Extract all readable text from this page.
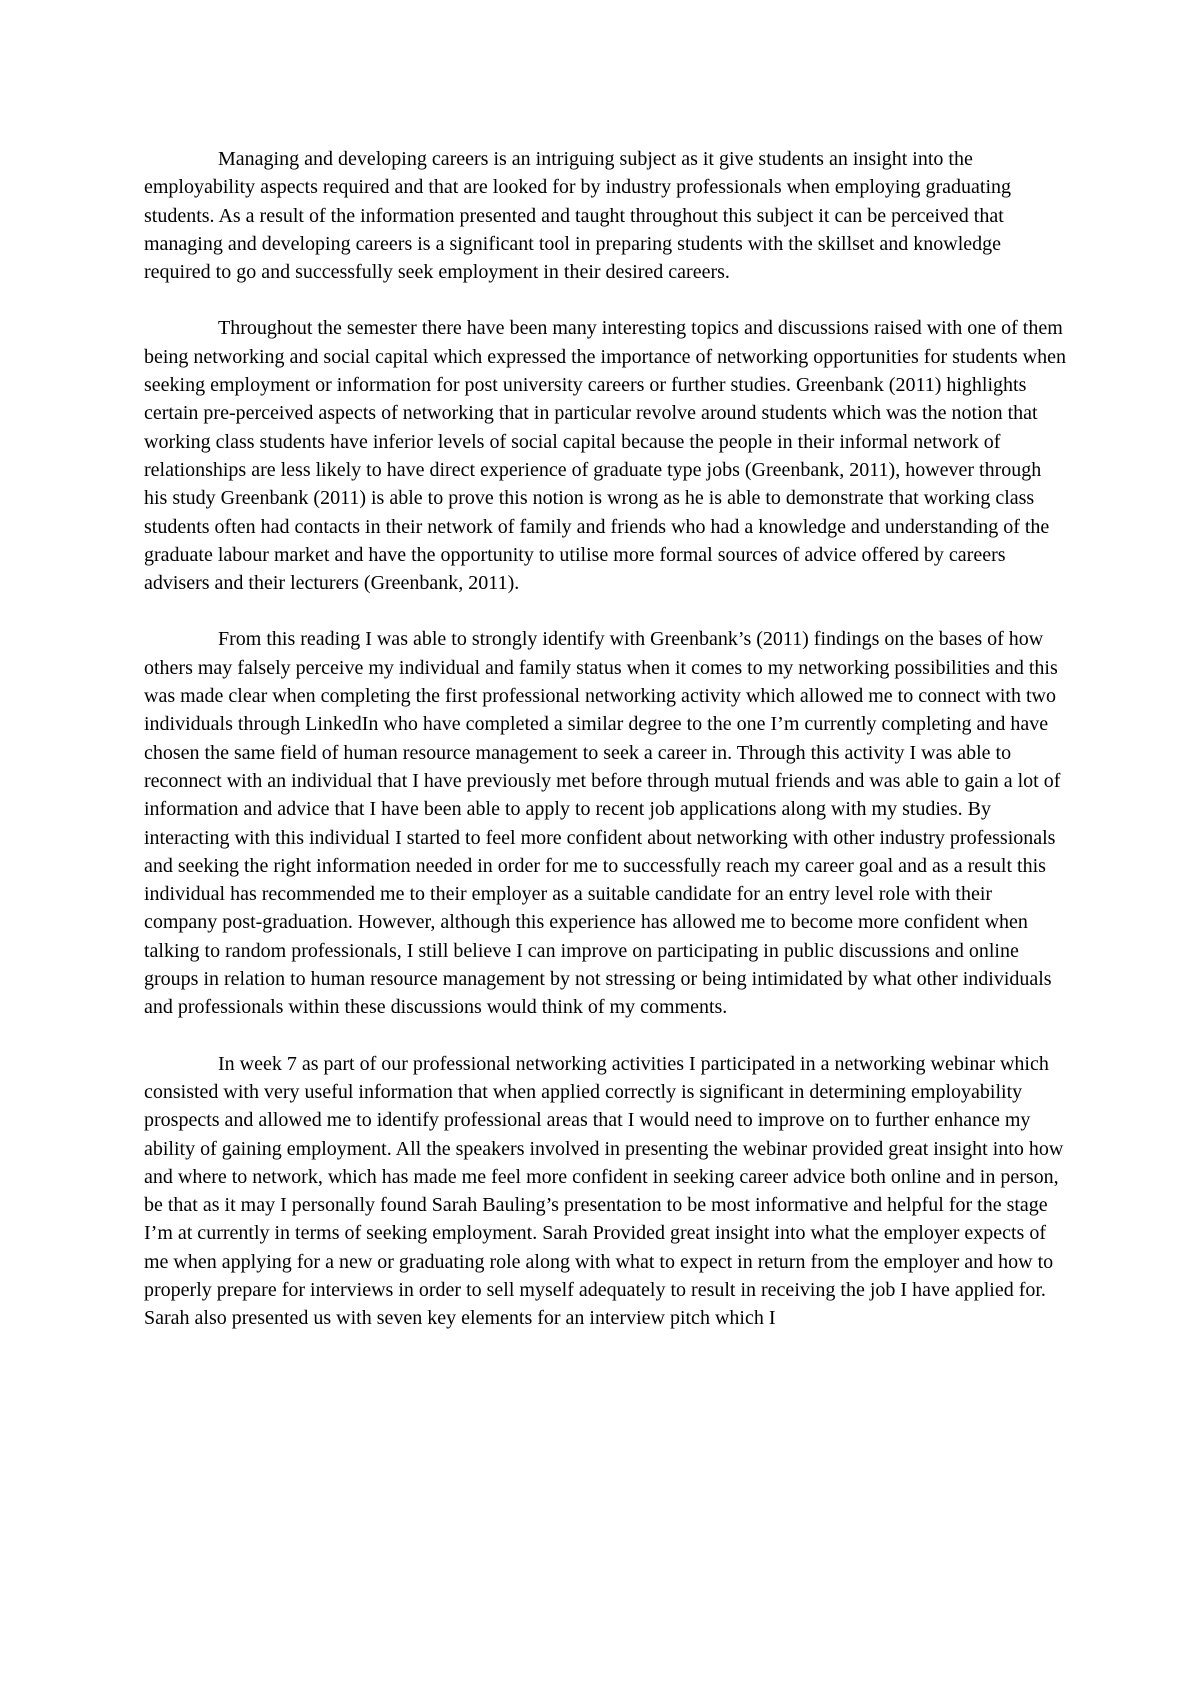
Managing and developing careers is an intriguing subject as it give students an insight into the employability aspects required and that are looked for by industry professionals when employing graduating students. As a result of the information presented and taught throughout this subject it can be perceived that managing and developing careers is a significant tool in preparing students with the skillset and knowledge required to go and successfully seek employment in their desired careers.

Throughout the semester there have been many interesting topics and discussions raised with one of them being networking and social capital which expressed the importance of networking opportunities for students when seeking employment or information for post university careers or further studies. Greenbank (2011) highlights certain pre-perceived aspects of networking that in particular revolve around students which was the notion that working class students have inferior levels of social capital because the people in their informal network of relationships are less likely to have direct experience of graduate type jobs (Greenbank, 2011), however through his study Greenbank (2011) is able to prove this notion is wrong as he is able to demonstrate that working class students often had contacts in their network of family and friends who had a knowledge and understanding of the graduate labour market and have the opportunity to utilise more formal sources of advice offered by careers advisers and their lecturers (Greenbank, 2011).

From this reading I was able to strongly identify with Greenbank’s (2011) findings on the bases of how others may falsely perceive my individual and family status when it comes to my networking possibilities and this was made clear when completing the first professional networking activity which allowed me to connect with two individuals through LinkedIn who have completed a similar degree to the one I’m currently completing and have chosen the same field of human resource management to seek a career in. Through this activity I was able to reconnect with an individual that I have previously met before through mutual friends and was able to gain a lot of information and advice that I have been able to apply to recent job applications along with my studies. By interacting with this individual I started to feel more confident about networking with other industry professionals and seeking the right information needed in order for me to successfully reach my career goal and as a result this individual has recommended me to their employer as a suitable candidate for an entry level role with their company post-graduation. However, although this experience has allowed me to become more confident when talking to random professionals, I still believe I can improve on participating in public discussions and online groups in relation to human resource management by not stressing or being intimidated by what other individuals and professionals within these discussions would think of my comments.

In week 7 as part of our professional networking activities I participated in a networking webinar which consisted with very useful information that when applied correctly is significant in determining employability prospects and allowed me to identify professional areas that I would need to improve on to further enhance my ability of gaining employment. All the speakers involved in presenting the webinar provided great insight into how and where to network, which has made me feel more confident in seeking career advice both online and in person, be that as it may I personally found Sarah Bauling’s presentation to be most informative and helpful for the stage I’m at currently in terms of seeking employment. Sarah Provided great insight into what the employer expects of me when applying for a new or graduating role along with what to expect in return from the employer and how to properly prepare for interviews in order to sell myself adequately to result in receiving the job I have applied for. Sarah also presented us with seven key elements for an interview pitch which I
